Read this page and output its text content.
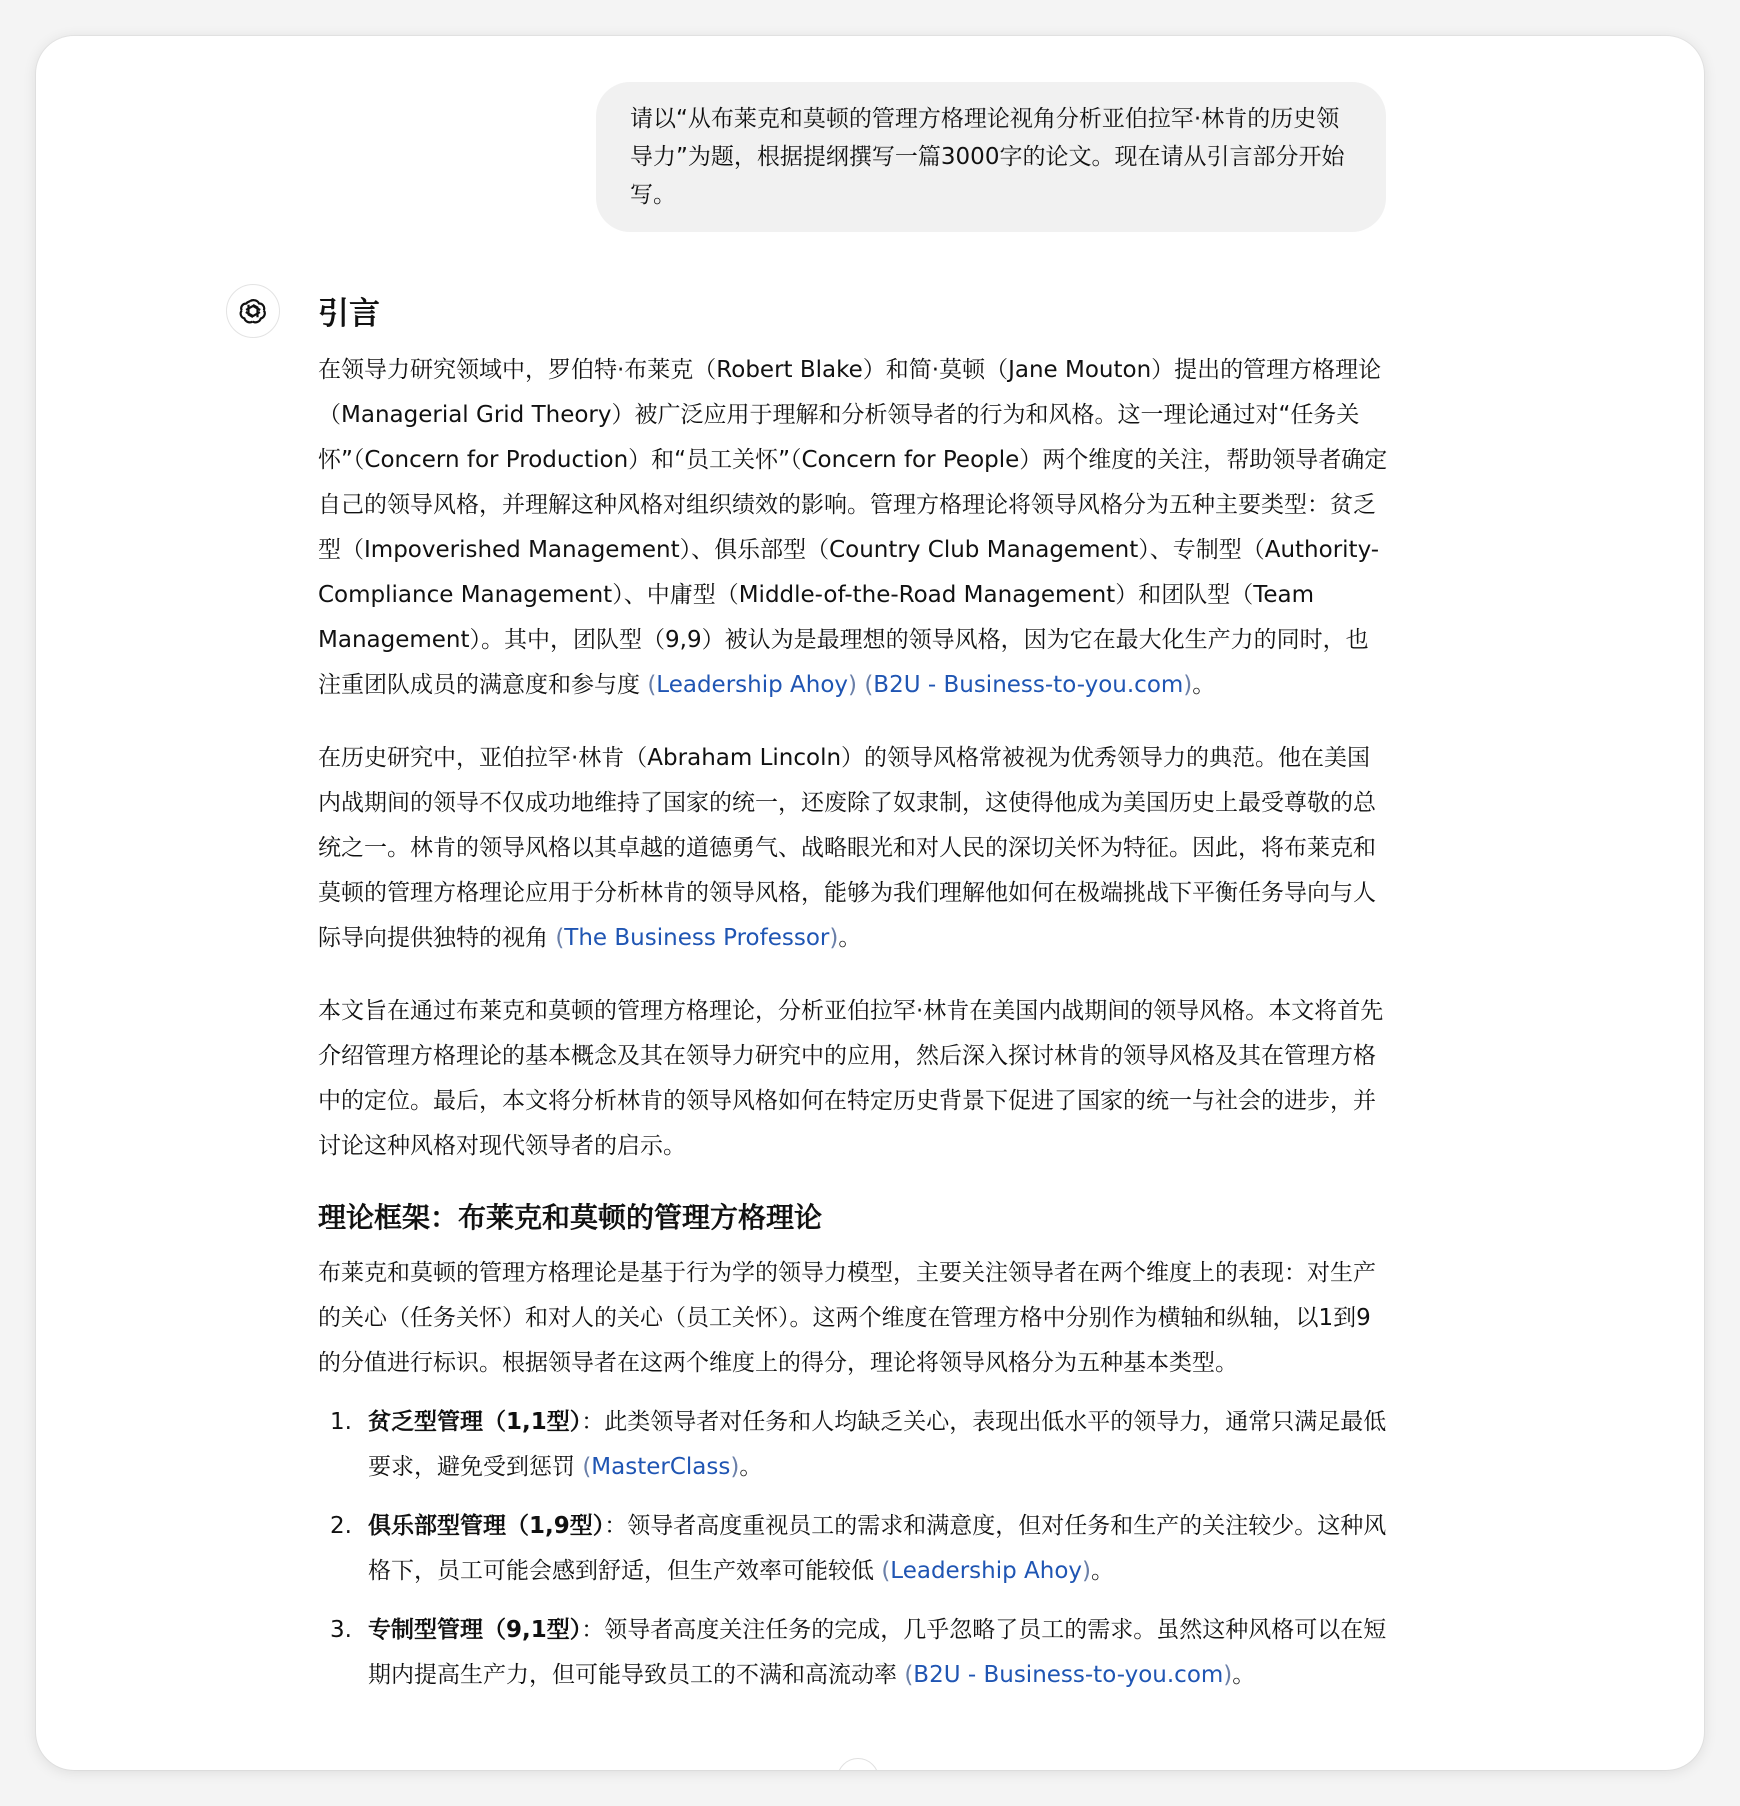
请以“从布莱克和莫顿的管理方格理论视角分析亚伯拉罕·林肯的历史领导力”为题，根据提纲撰写一篇3000字的论文。现在请从引言部分开始写。
引言

在领导力研究领域中，罗伯特·布莱克（Robert Blake）和简·莫顿（Jane Mouton）提出的管理方格理论（Managerial Grid Theory）被广泛应用于理解和分析领导者的行为和风格。这一理论通过对“任务关怀”（Concern for Production）和“员工关怀”（Concern for People）两个维度的关注，帮助领导者确定自己的领导风格，并理解这种风格对组织绩效的影响。管理方格理论将领导风格分为五种主要类型：贫乏型（Impoverished Management）、俱乐部型（Country Club Management）、专制型（Authority-Compliance Management）、中庸型（Middle-of-the-Road Management）和团队型（Team Management）。其中，团队型（9,9）被认为是最理想的领导风格，因为它在最大化生产力的同时，也注重团队成员的满意度和参与度 (Leadership Ahoy) (B2U - Business-to-you.com)。

在历史研究中，亚伯拉罕·林肯（Abraham Lincoln）的领导风格常被视为优秀领导力的典范。他在美国内战期间的领导不仅成功地维持了国家的统一，还废除了奴隶制，这使得他成为美国历史上最受尊敬的总统之一。林肯的领导风格以其卓越的道德勇气、战略眼光和对人民的深切关怀为特征。因此，将布莱克和莫顿的管理方格理论应用于分析林肯的领导风格，能够为我们理解他如何在极端挑战下平衡任务导向与人际导向提供独特的视角 (The Business Professor)。

本文旨在通过布莱克和莫顿的管理方格理论，分析亚伯拉罕·林肯在美国内战期间的领导风格。本文将首先介绍管理方格理论的基本概念及其在领导力研究中的应用，然后深入探讨林肯的领导风格及其在管理方格中的定位。最后，本文将分析林肯的领导风格如何在特定历史背景下促进了国家的统一与社会的进步，并讨论这种风格对现代领导者的启示。

理论框架：布莱克和莫顿的管理方格理论

布莱克和莫顿的管理方格理论是基于行为学的领导力模型，主要关注领导者在两个维度上的表现：对生产的关心（任务关怀）和对人的关心（员工关怀）。这两个维度在管理方格中分别作为横轴和纵轴，以1到9的分值进行标识。根据领导者在这两个维度上的得分，理论将领导风格分为五种基本类型。

1. 贫乏型管理（1,1型）：此类领导者对任务和人均缺乏关心，表现出低水平的领导力，通常只满足最低要求，避免受到惩罚 (MasterClass)。
2. 俱乐部型管理（1,9型）：领导者高度重视员工的需求和满意度，但对任务和生产的关注较少。这种风格下，员工可能会感到舒适，但生产效率可能较低 (Leadership Ahoy)。
3. 专制型管理（9,1型）：领导者高度关注任务的完成，几乎忽略了员工的需求。虽然这种风格可以在短期内提高生产力，但可能导致员工的不满和高流动率 (B2U - Business-to-you.com)。
